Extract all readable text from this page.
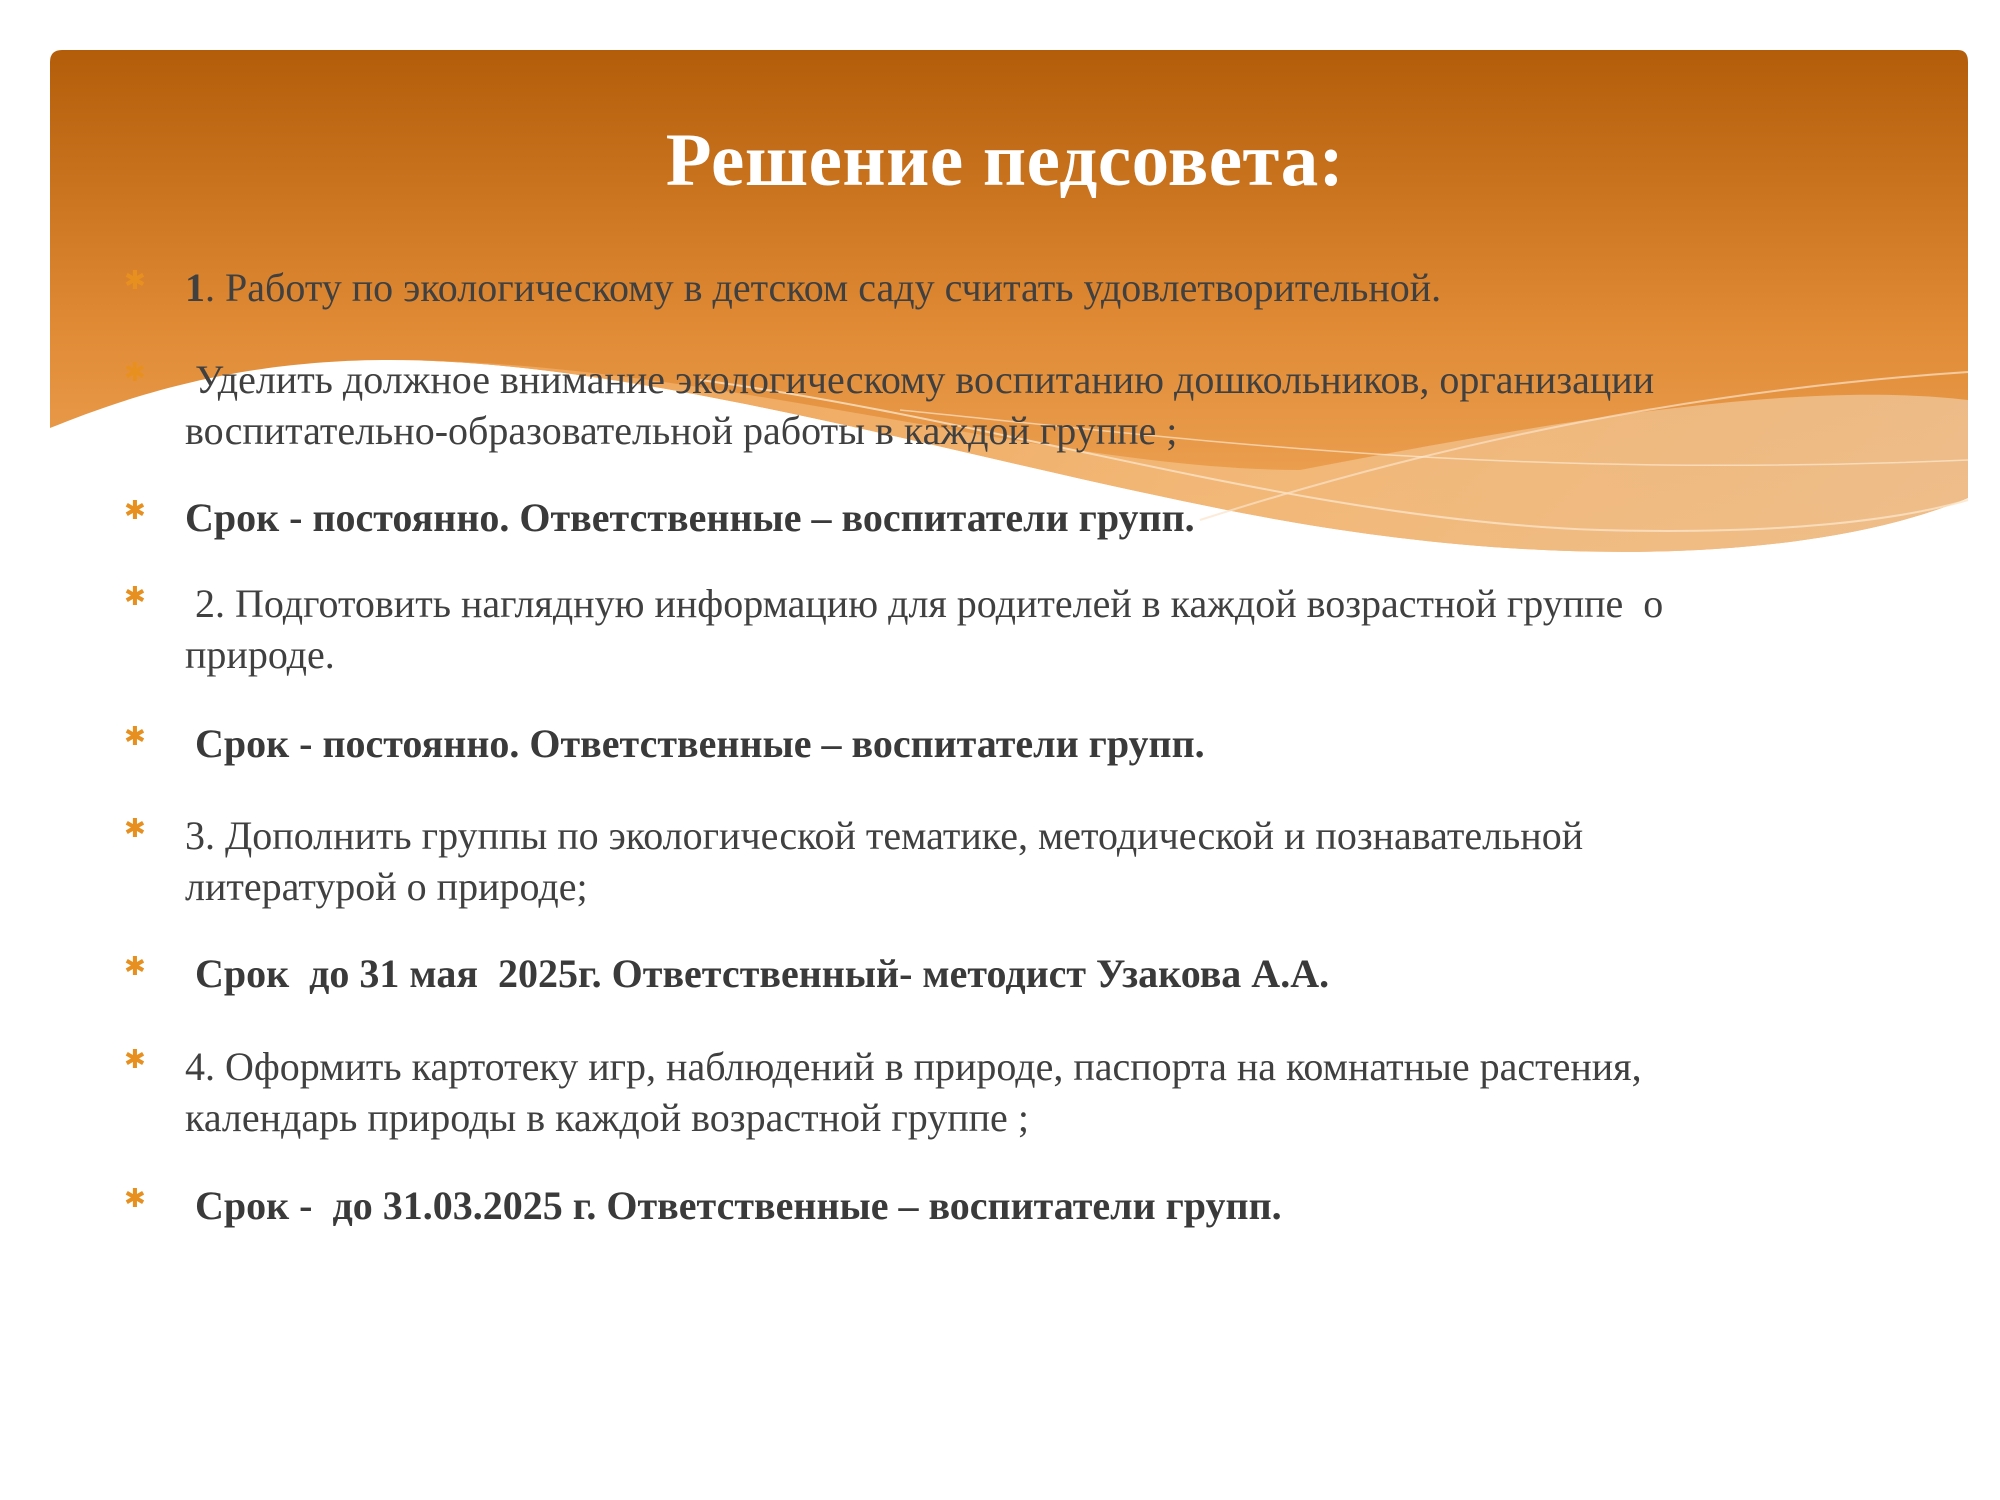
Решение педсовета:
✱ 1. Работу по экологическому в детском саду считать удовлетворительной.
✱ Уделить должное внимание экологическому воспитанию дошкольников, организации
воспитательно-образовательной работы в каждой группе ;
✱ Срок - постоянно. Ответственные – воспитатели групп.
✱ 2. Подготовить наглядную информацию для родителей в каждой возрастной группе  о
природе.
✱ Срок - постоянно. Ответственные – воспитатели групп.
✱ 3. Дополнить группы по экологической тематике, методической и познавательной
литературой о природе;
✱ Срок  до 31 мая  2025г. Ответственный- методист Узакова А.А.
✱ 4. Оформить картотеку игр, наблюдений в природе, паспорта на комнатные растения,
календарь природы в каждой возрастной группе ;
✱ Срок -  до 31.03.2025 г. Ответственные – воспитатели групп.
